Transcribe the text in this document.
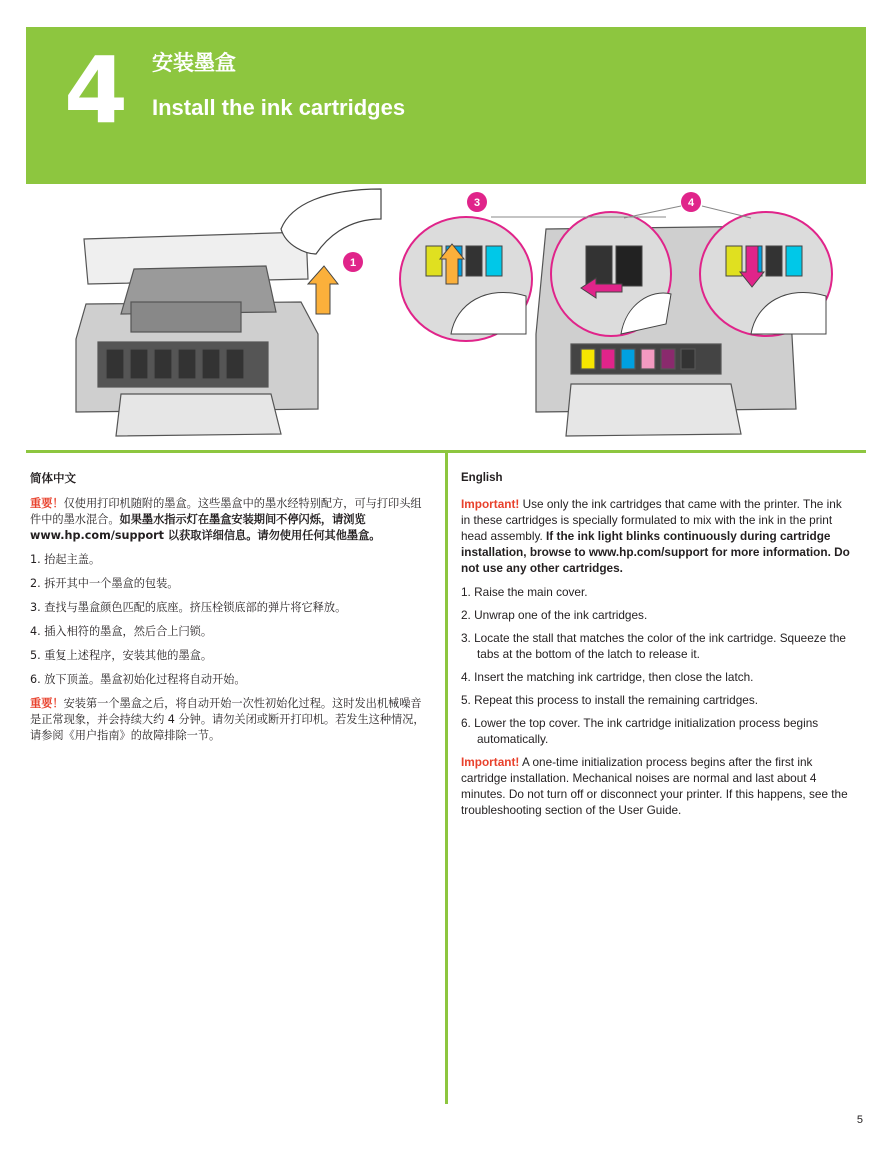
4 安装墨盒
Install the ink cartridges
1
3	4
简体中文

重要！仅使用打印机随附的墨盒。这些墨盒中的墨水经特别配方，可与打印头组件中的墨水混合。如果墨水指示灯在墨盒安装期间不停闪烁，请浏览 www.hp.com/support 以获取详细信息。请勿使用任何其他墨盒。

1. 抬起主盖。
2. 拆开其中一个墨盒的包装。
3. 查找与墨盒颜色匹配的底座。挤压栓锁底部的弹片将它释放。
4. 插入相符的墨盒，然后合上闩锁。
5. 重复上述程序，安装其他的墨盒。
6. 放下顶盖。墨盒初始化过程将自动开始。

重要！安装第一个墨盒之后，将自动开始一次性初始化过程。这时发出机械噪音是正常现象，并会持续大约 4 分钟。请勿关闭或断开打印机。若发生这种情况，请参阅《用户指南》的故障排除一节。

English

Important! Use only the ink cartridges that came with the printer. The ink in these cartridges is specially formulated to mix with the ink in the print head assembly. If the ink light blinks continuously during cartridge installation, browse to www.hp.com/support for more information. Do not use any other cartridges.

1. Raise the main cover.
2. Unwrap one of the ink cartridges.
3. Locate the stall that matches the color of the ink cartridge. Squeeze the tabs at the bottom of the latch to release it.
4. Insert the matching ink cartridge, then close the latch.
5. Repeat this process to install the remaining cartridges.
6. Lower the top cover. The ink cartridge initialization process begins automatically.

Important! A one-time initialization process begins after the first ink cartridge installation. Mechanical noises are normal and last about 4 minutes. Do not turn off or disconnect your printer. If this happens, see the troubleshooting section of the User Guide.

5
